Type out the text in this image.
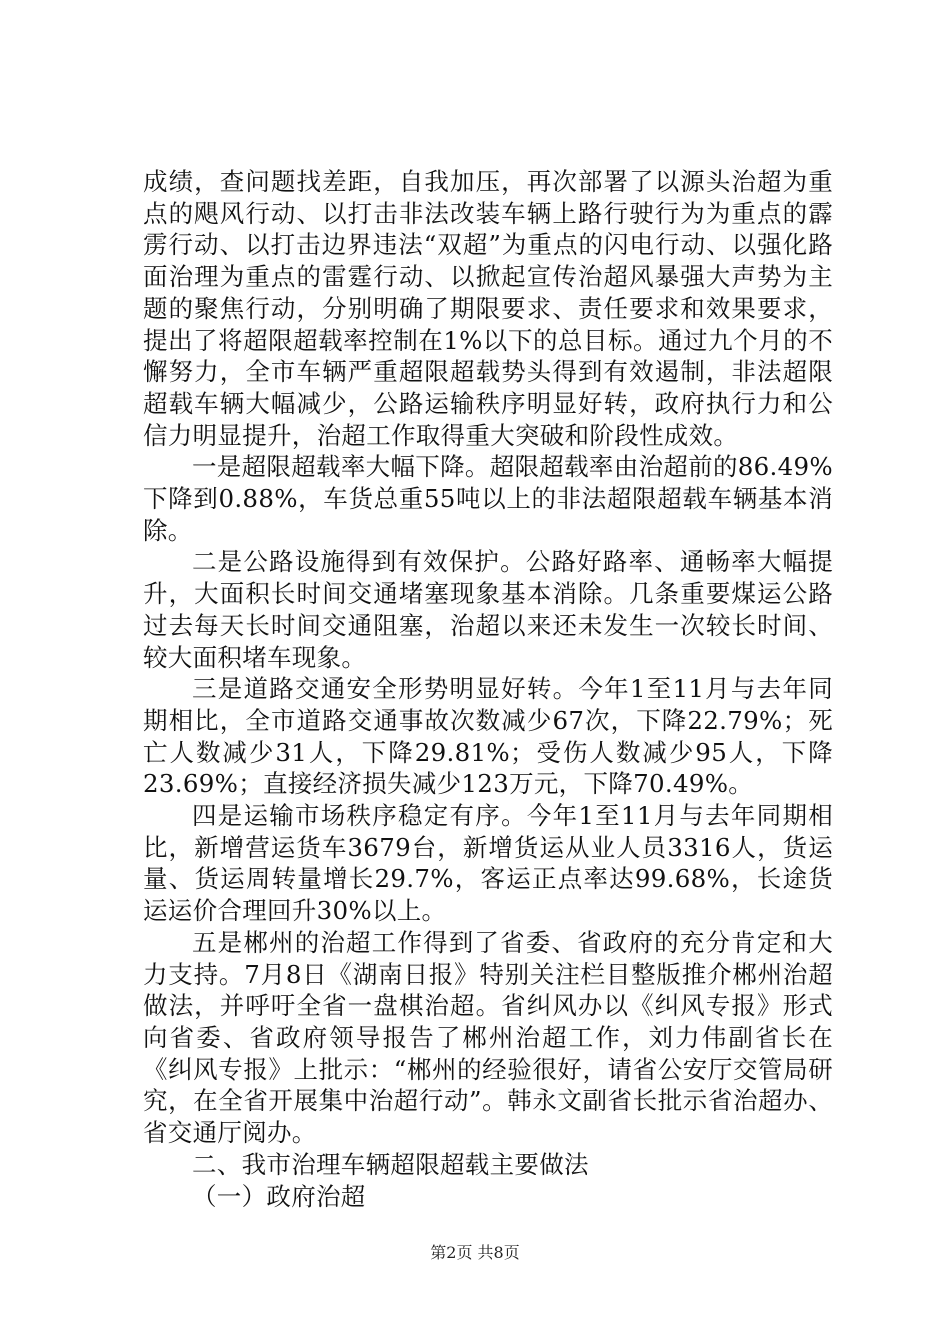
成绩，查问题找差距，自我加压，再次部署了以源头治超为重点的飓风行动、以打击非法改装车辆上路行驶行为为重点的霹雳行动、以打击边界违法“双超”为重点的闪电行动、以强化路面治理为重点的雷霆行动、以掀起宣传治超风暴强大声势为主题的聚焦行动，分别明确了期限要求、责任要求和效果要求，提出了将超限超载率控制在1%以下的总目标。通过九个月的不懈努力，全市车辆严重超限超载势头得到有效遏制，非法超限超载车辆大幅减少，公路运输秩序明显好转，政府执行力和公信力明显提升，治超工作取得重大突破和阶段性成效。

一是超限超载率大幅下降。超限超载率由治超前的86.49%下降到0.88%，车货总重55吨以上的非法超限超载车辆基本消除。

二是公路设施得到有效保护。公路好路率、通畅率大幅提升，大面积长时间交通堵塞现象基本消除。几条重要煤运公路过去每天长时间交通阻塞，治超以来还未发生一次较长时间、较大面积堵车现象。

三是道路交通安全形势明显好转。今年1至11月与去年同期相比，全市道路交通事故次数减少67次，下降22.79%；死亡人数减少31人，下降29.81%；受伤人数减少95人，下降23.69%；直接经济损失减少123万元，下降70.49%。

四是运输市场秩序稳定有序。今年1至11月与去年同期相比，新增营运货车3679台，新增货运从业人员3316人，货运量、货运周转量增长29.7%，客运正点率达99.68%，长途货运运价合理回升30%以上。

五是郴州的治超工作得到了省委、省政府的充分肯定和大力支持。7月8日《湖南日报》特别关注栏目整版推介郴州治超做法，并呼吁全省一盘棋治超。省纠风办以《纠风专报》形式向省委、省政府领导报告了郴州治超工作，刘力伟副省长在《纠风专报》上批示：“郴州的经验很好，请省公安厅交管局研究，在全省开展集中治超行动”。韩永文副省长批示省治超办、省交通厅阅办。

二、我市治理车辆超限超载主要做法

（一）政府治超

第2页 共8页
